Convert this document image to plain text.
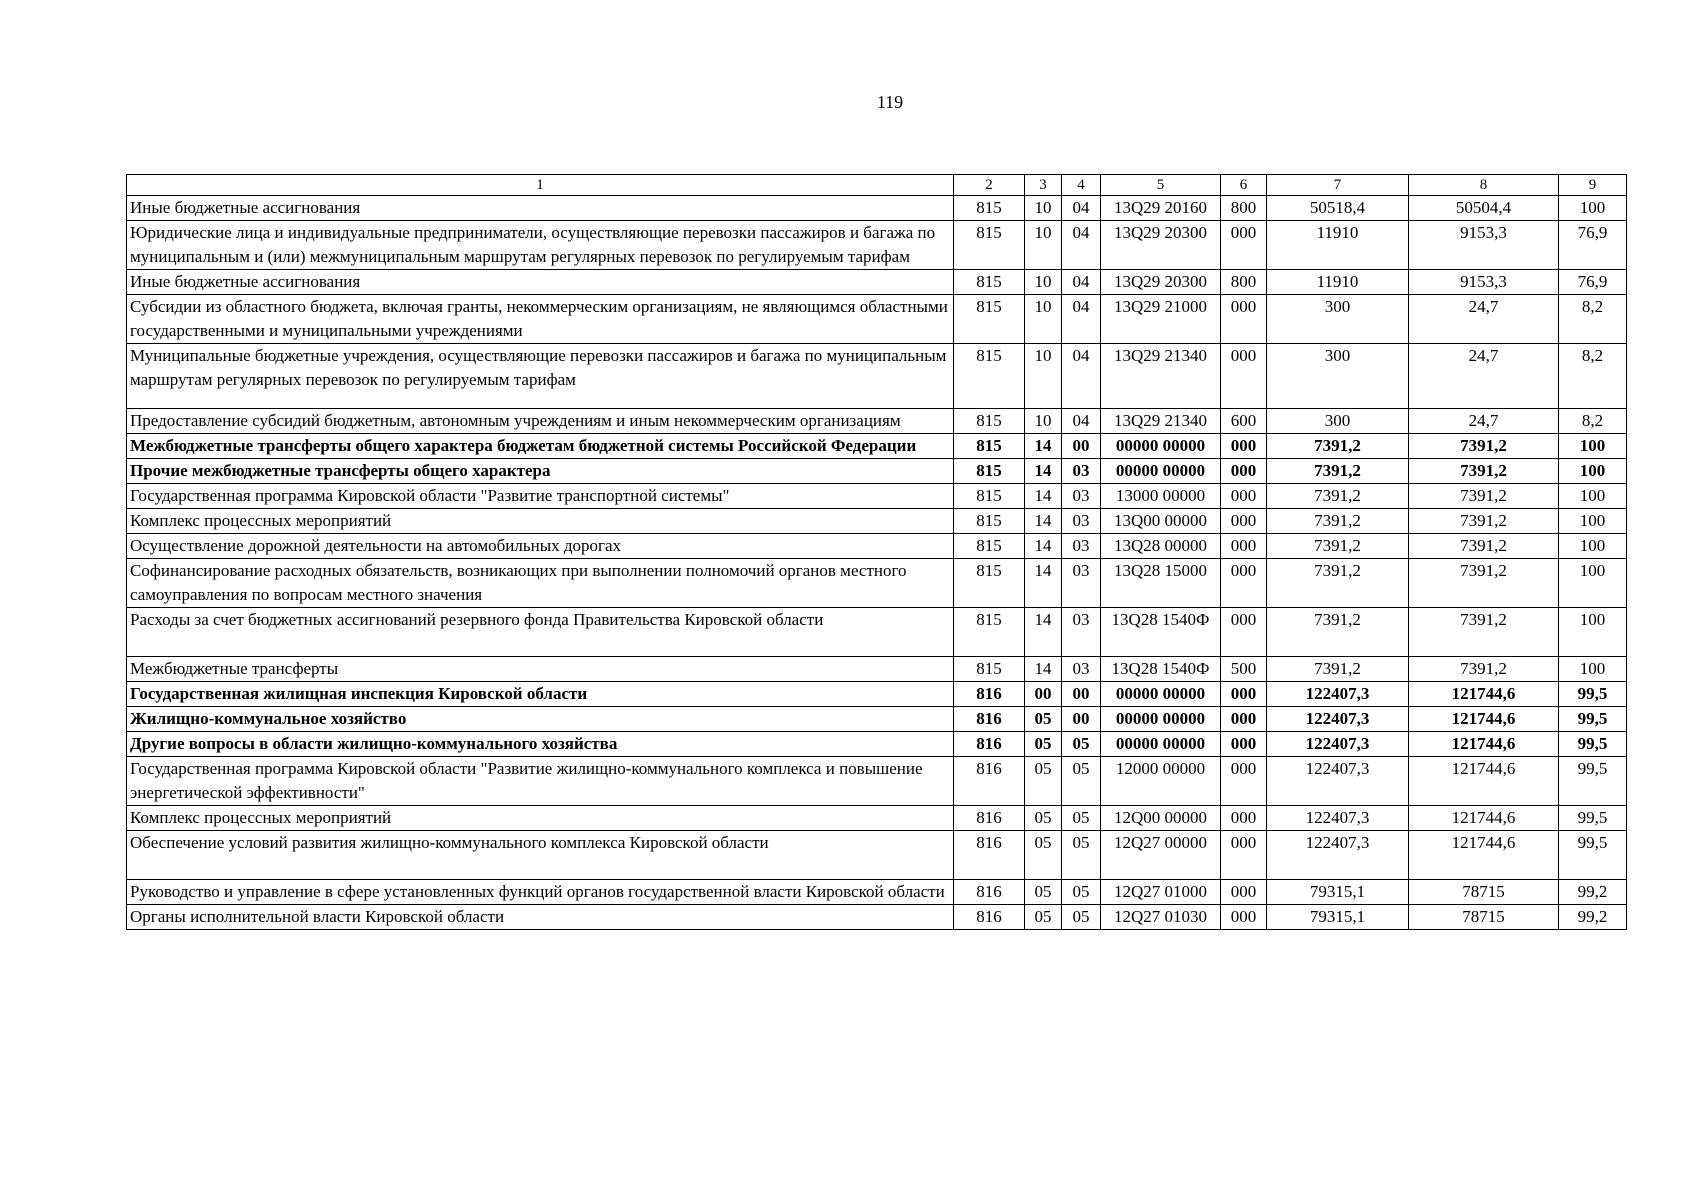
119
1	2	3	4	5	6	7	8	9
Иные бюджетные ассигнования	815	10	04	13Q29 20160	800	50518,4	50504,4	100
Юридические лица и индивидуальные предприниматели, осуществляющие перевозки пассажиров и багажа по муниципальным и (или) межмуниципальным маршрутам регулярных перевозок по регулируемым тарифам	815	10	04	13Q29 20300	000	11910	9153,3	76,9
Иные бюджетные ассигнования	815	10	04	13Q29 20300	800	11910	9153,3	76,9
Субсидии из областного бюджета, включая гранты, некоммерческим организациям, не являющимся областными государственными и муниципальными учреждениями	815	10	04	13Q29 21000	000	300	24,7	8,2
Муниципальные бюджетные учреждения, осуществляющие перевозки пассажиров и багажа по муниципальным маршрутам регулярных перевозок по регулируемым тарифам	815	10	04	13Q29 21340	000	300	24,7	8,2
Предоставление субсидий бюджетным, автономным учреждениям и иным некоммерческим организациям	815	10	04	13Q29 21340	600	300	24,7	8,2
Межбюджетные трансферты общего характера бюджетам бюджетной системы Российской Федерации	815	14	00	00000 00000	000	7391,2	7391,2	100
Прочие межбюджетные трансферты общего характера	815	14	03	00000 00000	000	7391,2	7391,2	100
Государственная программа Кировской области "Развитие транспортной системы"	815	14	03	13000 00000	000	7391,2	7391,2	100
Комплекс процессных мероприятий	815	14	03	13Q00 00000	000	7391,2	7391,2	100
Осуществление дорожной деятельности на автомобильных дорогах	815	14	03	13Q28 00000	000	7391,2	7391,2	100
Софинансирование расходных обязательств, возникающих при выполнении полномочий органов местного самоуправления по вопросам местного значения	815	14	03	13Q28 15000	000	7391,2	7391,2	100
Расходы за счет бюджетных ассигнований резервного фонда Правительства Кировской области	815	14	03	13Q28 1540Ф	000	7391,2	7391,2	100
Межбюджетные трансферты	815	14	03	13Q28 1540Ф	500	7391,2	7391,2	100
Государственная жилищная инспекция Кировской области	816	00	00	00000 00000	000	122407,3	121744,6	99,5
Жилищно-коммунальное хозяйство	816	05	00	00000 00000	000	122407,3	121744,6	99,5
Другие вопросы в области жилищно-коммунального хозяйства	816	05	05	00000 00000	000	122407,3	121744,6	99,5
Государственная программа Кировской области "Развитие жилищно-коммунального комплекса и повышение энергетической эффективности"	816	05	05	12000 00000	000	122407,3	121744,6	99,5
Комплекс процессных мероприятий	816	05	05	12Q00 00000	000	122407,3	121744,6	99,5
Обеспечение условий развития жилищно-коммунального комплекса Кировской области	816	05	05	12Q27 00000	000	122407,3	121744,6	99,5
Руководство и управление в сфере установленных функций органов государственной власти Кировской области	816	05	05	12Q27 01000	000	79315,1	78715	99,2
Органы исполнительной власти Кировской области	816	05	05	12Q27 01030	000	79315,1	78715	99,2
